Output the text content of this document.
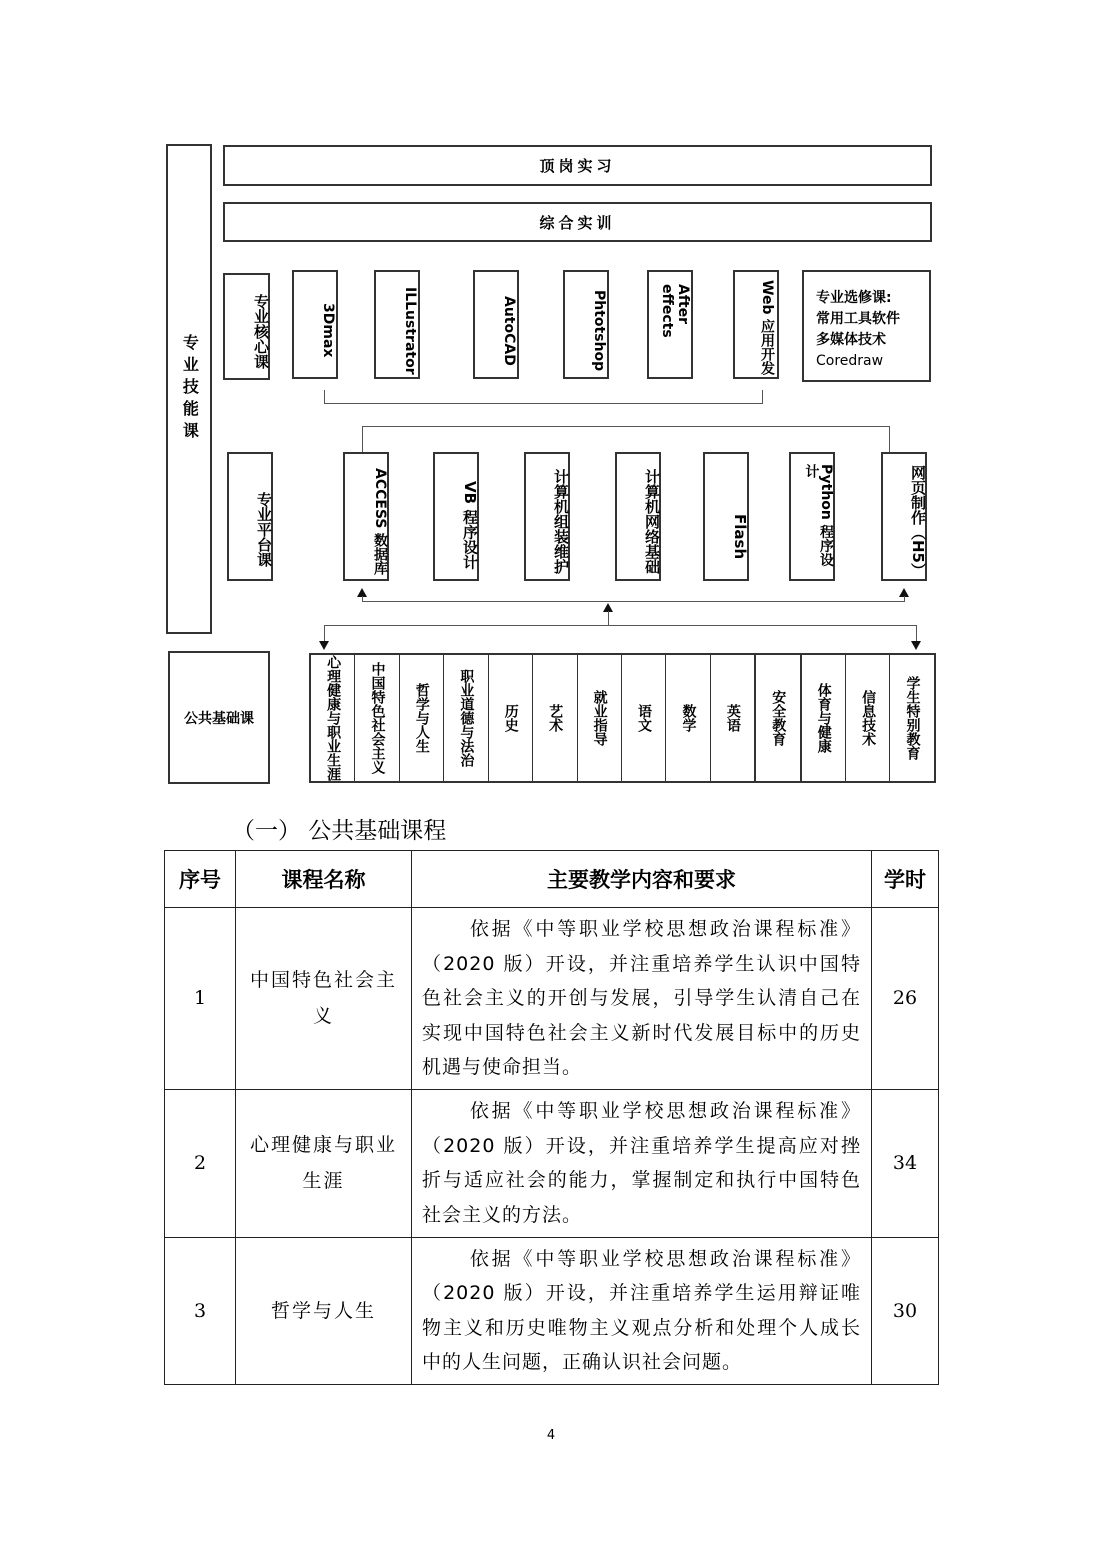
专业技能课
顶岗实习
综合实训
专业核心课	3Dmax	ILLustrator	AutoCAD	Phtotshop	After effects	Web 应用开发	专业选修课:
常用工具软件
多媒体技术
Coredraw
专业平台课	ACCESS 数据库	VB 程序设计	计算机组装维护	计算机网络基础	Flash	Python 程序设计	网页制作（H5）
公共基础课	心理健康与职业生涯	中国特色社会主义	哲学与人生	职业道德与法治	历史	艺术	就业指导	语文	数学	英语	安全教育	体育与健康	信息技术	学生特别教育
（一） 公共基础课程
序号	课程名称	主要教学内容和要求	学时
1	中国特色社会主义	依据《中等职业学校思想政治课程标准》（2020 版）开设，并注重培养学生认识中国特色社会主义的开创与发展，引导学生认清自己在实现中国特色社会主义新时代发展目标中的历史机遇与使命担当。	26
2	心理健康与职业生涯	依据《中等职业学校思想政治课程标准》（2020 版）开设，并注重培养学生提高应对挫折与适应社会的能力，掌握制定和执行中国特色社会主义的方法。	34
3	哲学与人生	依据《中等职业学校思想政治课程标准》（2020 版）开设，并注重培养学生运用辩证唯物主义和历史唯物主义观点分析和处理个人成长中的人生问题，正确认识社会问题。	30
4
